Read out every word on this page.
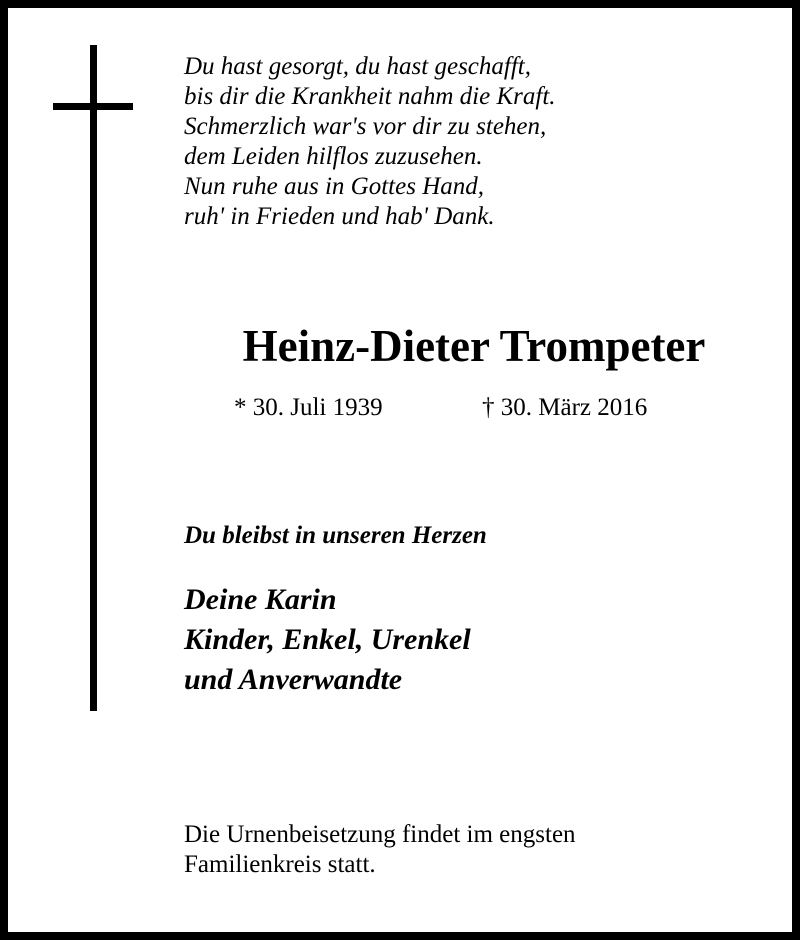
Du hast gesorgt, du hast geschafft,
bis dir die Krankheit nahm die Kraft.
Schmerzlich war's vor dir zu stehen,
dem Leiden hilflos zuzusehen.
Nun ruhe aus in Gottes Hand,
ruh' in Frieden und hab' Dank.
Heinz-Dieter Trompeter
* 30. Juli 1939	† 30. März 2016
Du bleibst in unseren Herzen
Deine Karin
Kinder, Enkel, Urenkel
und Anverwandte
Die Urnenbeisetzung findet im engsten
Familienkreis statt.
